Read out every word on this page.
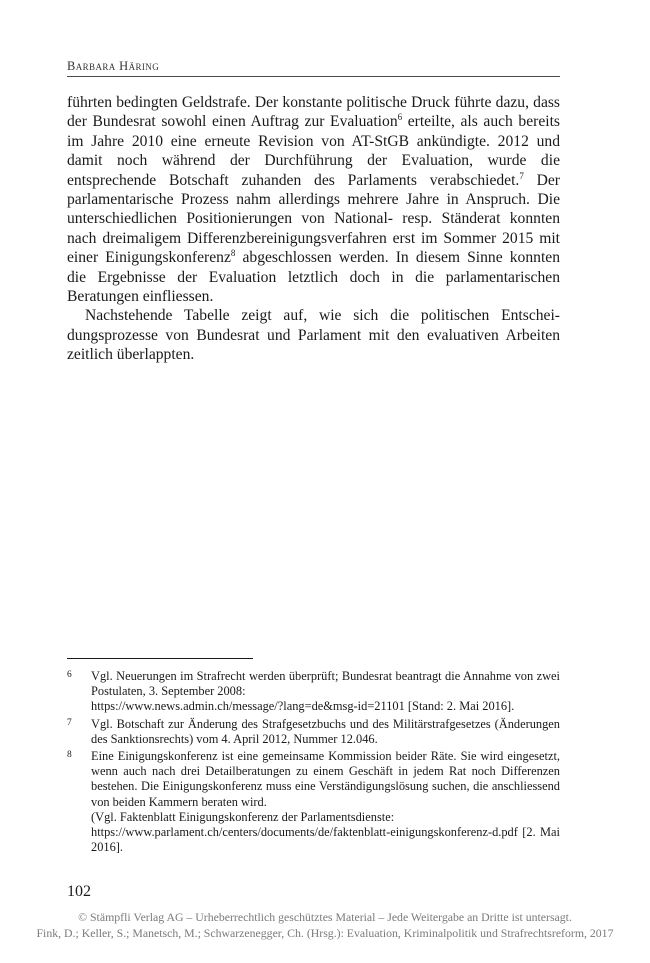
Barbara Häring

führten bedingten Geldstrafe. Der konstante politische Druck führte dazu, dass der Bundesrat sowohl einen Auftrag zur Evaluation$^6$ erteilte, als auch bereits im Jahre 2010 eine erneute Revision von AT-StGB ankündigte. 2012 und damit noch während der Durchführung der Evaluation, wurde die entsprechende Botschaft zuhanden des Parlaments verabschiedet.$^7$ Der parlamentarische Prozess nahm allerdings mehrere Jahre in Anspruch. Die unterschiedlichen Positionierungen von National- resp. Ständerat konnten nach dreimaligem Differenzbereinigungsverfahren erst im Sommer 2015 mit einer Einigungskonferenz$^8$ abgeschlossen werden. In diesem Sinne konnten die Ergebnisse der Evaluation letztlich doch in die parlamentarischen Beratungen einfliessen.

Nachstehende Tabelle zeigt auf, wie sich die politischen Entscheidungsprozesse von Bundesrat und Parlament mit den evaluativen Arbeiten zeitlich überlappten.

6	Vgl. Neuerungen im Strafrecht werden überprüft; Bundesrat beantragt die Annahme von zwei Postulaten, 3. September 2008:
https://www.news.admin.ch/message/?lang=de&msg-id=21101 [Stand: 2. Mai 2016].
7	Vgl. Botschaft zur Änderung des Strafgesetzbuchs und des Militärstrafgesetzes (Änderungen des Sanktionsrechts) vom 4. April 2012, Nummer 12.046.
8	Eine Einigungskonferenz ist eine gemeinsame Kommission beider Räte. Sie wird eingesetzt, wenn auch nach drei Detailberatungen zu einem Geschäft in jedem Rat noch Differenzen bestehen. Die Einigungskonferenz muss eine Verständigungslösung suchen, die anschliessend von beiden Kammern beraten wird.
(Vgl. Faktenblatt Einigungskonferenz der Parlamentsdienste:
https://www.parlament.ch/centers/documents/de/faktenblatt-einigungskonferenz-d.pdf [2. Mai 2016].
102
© Stämpfli Verlag AG – Urheberrechtlich geschütztes Material – Jede Weitergabe an Dritte ist untersagt.
Fink, D.; Keller, S.; Manetsch, M.; Schwarzenegger, Ch. (Hrsg.): Evaluation, Kriminalpolitik und Strafrechtsreform, 2017
